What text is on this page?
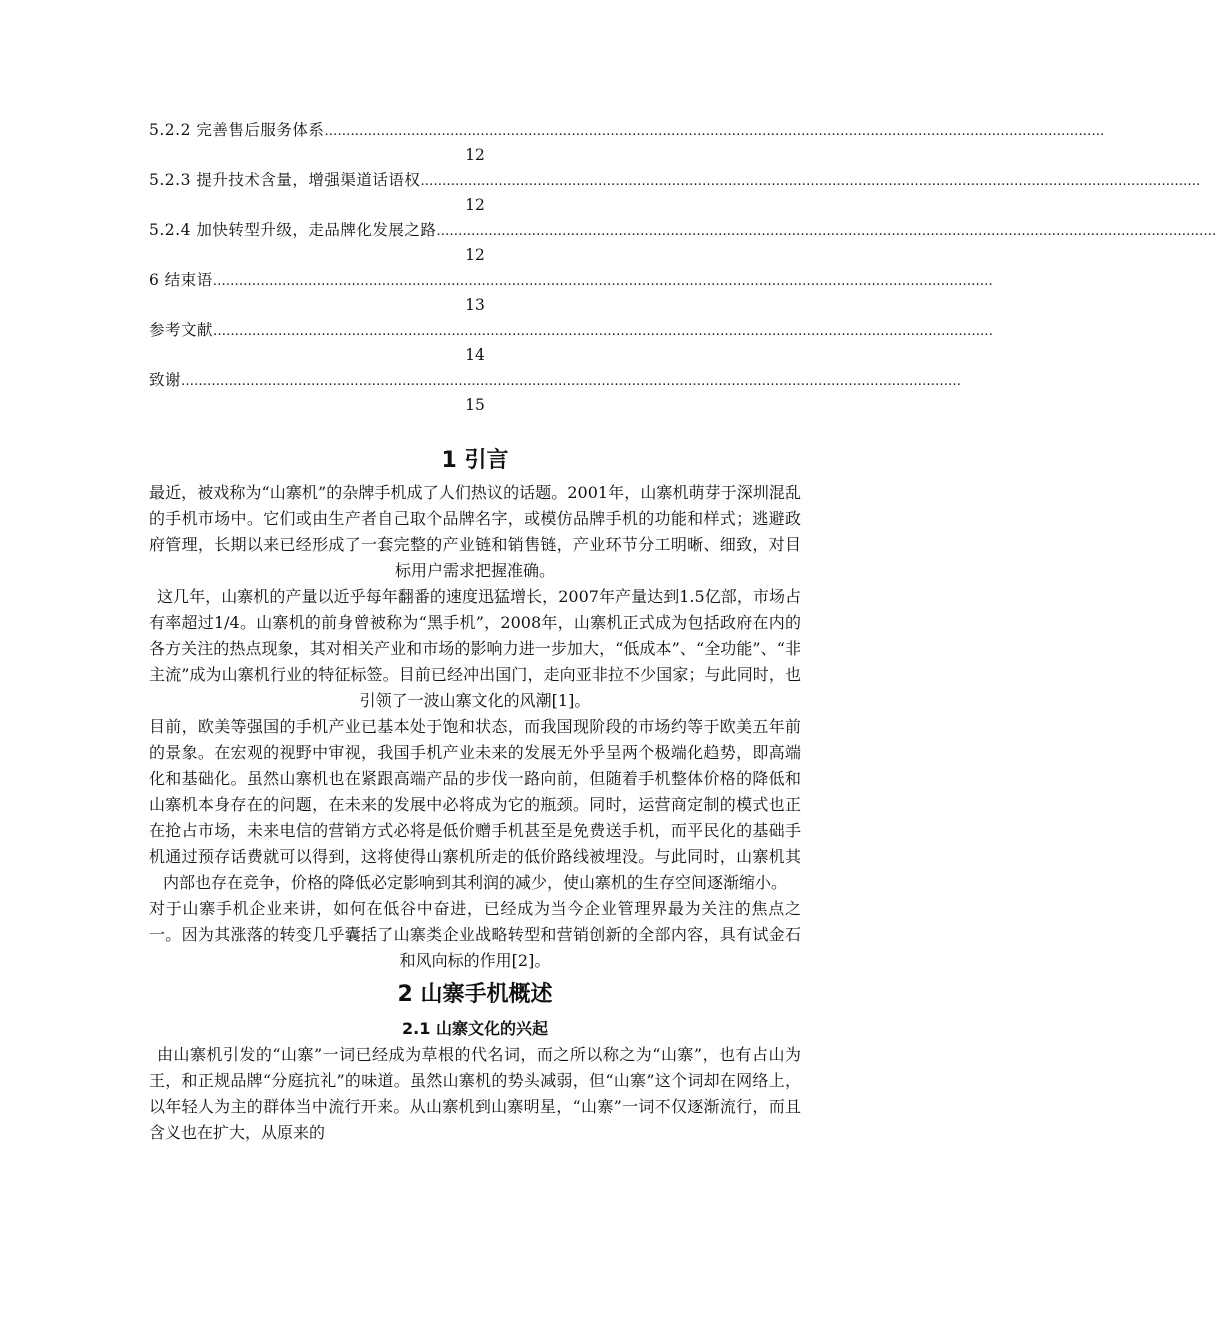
5.2.2 完善售后服务体系 ………………………………………………………………………………………………………………………………………………………………
12
5.2.3 提升技术含量，增强渠道话语权 ………………………………………………………………………………………………………………………………………………………………
12
5.2.4 加快转型升级，走品牌化发展之路 ………………………………………………………………………………………………………………………………………………………………
12
6 结束语 ………………………………………………………………………………………………………………………………………………………………
13
参考文献 ………………………………………………………………………………………………………………………………………………………………
14
致谢 ………………………………………………………………………………………………………………………………………………………………
15
1 引言

最近，被戏称为“山寨机”的杂牌手机成了人们热议的话题。2001年，山寨机萌芽于深圳混乱的手机市场中。它们或由生产者自己取个品牌名字，或模仿品牌手机的功能和样式；逃避政府管理，长期以来已经形成了一套完整的产业链和销售链，产业环节分工明晰、细致，对目标用户需求把握准确。

这几年，山寨机的产量以近乎每年翻番的速度迅猛增长，2007年产量达到1.5亿部，市场占有率超过1/4。山寨机的前身曾被称为“黑手机”，2008年，山寨机正式成为包括政府在内的各方关注的热点现象，其对相关产业和市场的影响力进一步加大，“低成本”、“全功能”、“非主流”成为山寨机行业的特征标签。目前已经冲出国门，走向亚非拉不少国家；与此同时，也引领了一波山寨文化的风潮[1]。

目前，欧美等强国的手机产业已基本处于饱和状态，而我国现阶段的市场约等于欧美五年前的景象。在宏观的视野中审视，我国手机产业未来的发展无外乎呈两个极端化趋势，即高端化和基础化。虽然山寨机也在紧跟高端产品的步伐一路向前，但随着手机整体价格的降低和山寨机本身存在的问题，在未来的发展中必将成为它的瓶颈。同时，运营商定制的模式也正在抢占市场，未来电信的营销方式必将是低价赠手机甚至是免费送手机，而平民化的基础手机通过预存话费就可以得到，这将使得山寨机所走的低价路线被埋没。与此同时，山寨机其内部也存在竞争，价格的降低必定影响到其利润的减少，使山寨机的生存空间逐渐缩小。

对于山寨手机企业来讲，如何在低谷中奋进，已经成为当今企业管理界最为关注的焦点之一。因为其涨落的转变几乎囊括了山寨类企业战略转型和营销创新的全部内容，具有试金石和风向标的作用[2]。

2 山寨手机概述
2.1 山寨文化的兴起

由山寨机引发的“山寨”一词已经成为草根的代名词，而之所以称之为“山寨”，也有占山为王，和正规品牌“分庭抗礼”的味道。虽然山寨机的势头减弱，但“山寨”这个词却在网络上，以年轻人为主的群体当中流行开来。从山寨机到山寨明星，“山寨”一词不仅逐渐流行，而且含义也在扩大，从原来的
